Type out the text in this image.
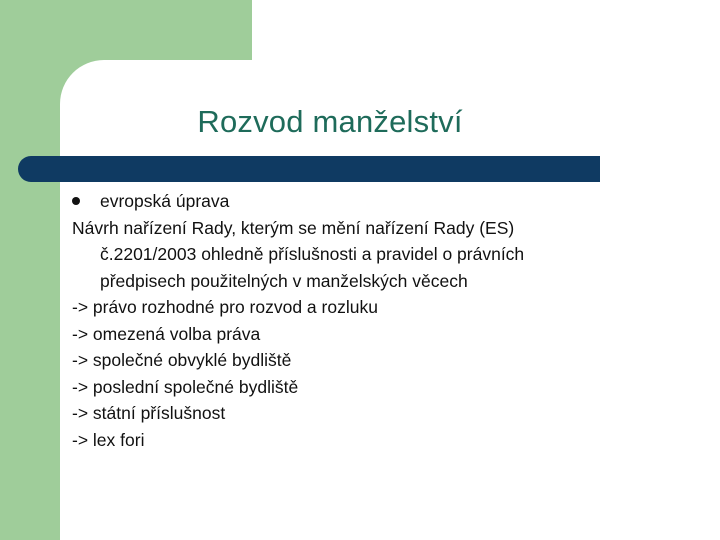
Rozvod manželství
evropská úprava
Návrh nařízení Rady, kterým se mění nařízení Rady (ES)
č.2201/2003 ohledně příslušnosti a pravidel o právních
předpisech použitelných v manželských věcech
-> právo rozhodné pro rozvod a rozluku
-> omezená volba práva
-> společné obvyklé bydliště
-> poslední společné bydliště
-> státní příslušnost
-> lex fori
